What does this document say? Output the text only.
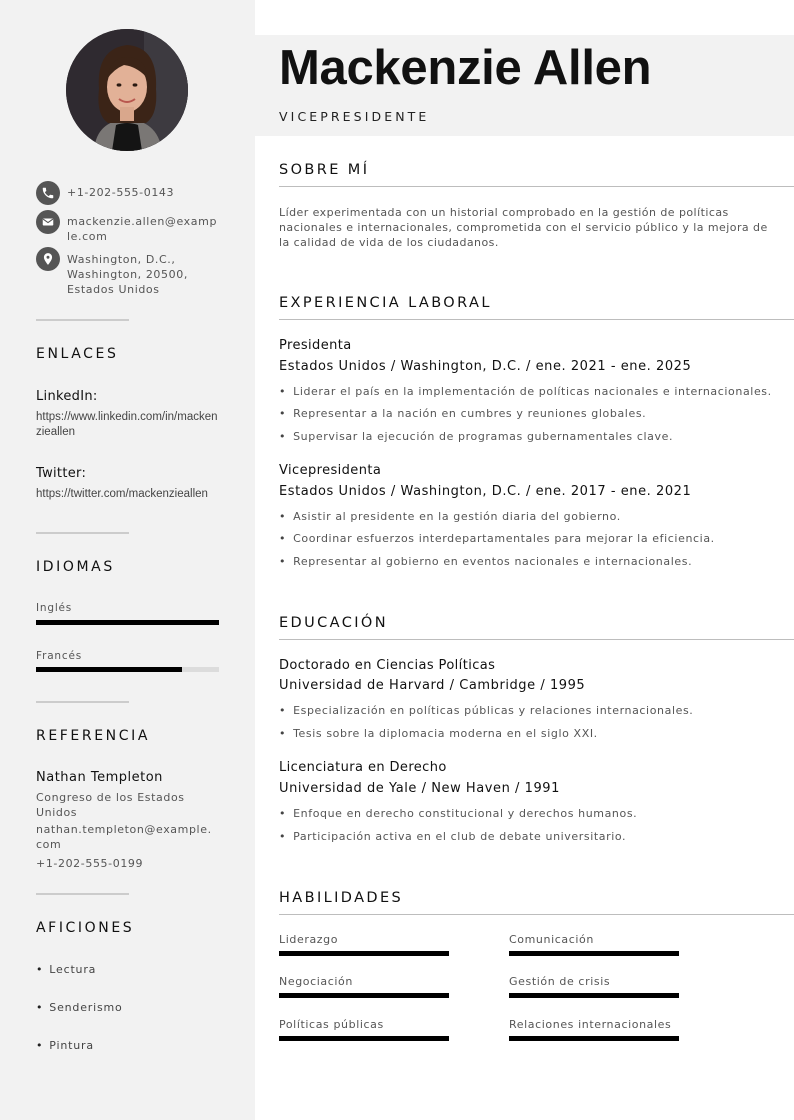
+1-202-555-0143
mackenzie.allen@example.com
Washington, D.C., Washington, 20500, Estados Unidos
ENLACES
LinkedIn:
https://www.linkedin.com/in/mackenzieallen
Twitter:
https://twitter.com/mackenzieallen
IDIOMAS
Inglés
Francés
REFERENCIA
Nathan Templeton
Congreso de los Estados Unidos
nathan.templeton@example.com
+1-202-555-0199
AFICIONES
• Lectura
• Senderismo
• Pintura
Mackenzie Allen
VICEPRESIDENTE
SOBRE MÍ
Líder experimentada con un historial comprobado en la gestión de políticas nacionales e internacionales, comprometida con el servicio público y la mejora de la calidad de vida de los ciudadanos.
EXPERIENCIA LABORAL
Presidenta
Estados Unidos / Washington, D.C. / ene. 2021 - ene. 2025
• Liderar el país en la implementación de políticas nacionales e internacionales.
• Representar a la nación en cumbres y reuniones globales.
• Supervisar la ejecución de programas gubernamentales clave.
Vicepresidenta
Estados Unidos / Washington, D.C. / ene. 2017 - ene. 2021
• Asistir al presidente en la gestión diaria del gobierno.
• Coordinar esfuerzos interdepartamentales para mejorar la eficiencia.
• Representar al gobierno en eventos nacionales e internacionales.
EDUCACIÓN
Doctorado en Ciencias Políticas
Universidad de Harvard / Cambridge / 1995
• Especialización en políticas públicas y relaciones internacionales.
• Tesis sobre la diplomacia moderna en el siglo XXI.
Licenciatura en Derecho
Universidad de Yale / New Haven / 1991
• Enfoque en derecho constitucional y derechos humanos.
• Participación activa en el club de debate universitario.
HABILIDADES
Liderazgo	Comunicación
Negociación	Gestión de crisis
Políticas públicas	Relaciones internacionales
